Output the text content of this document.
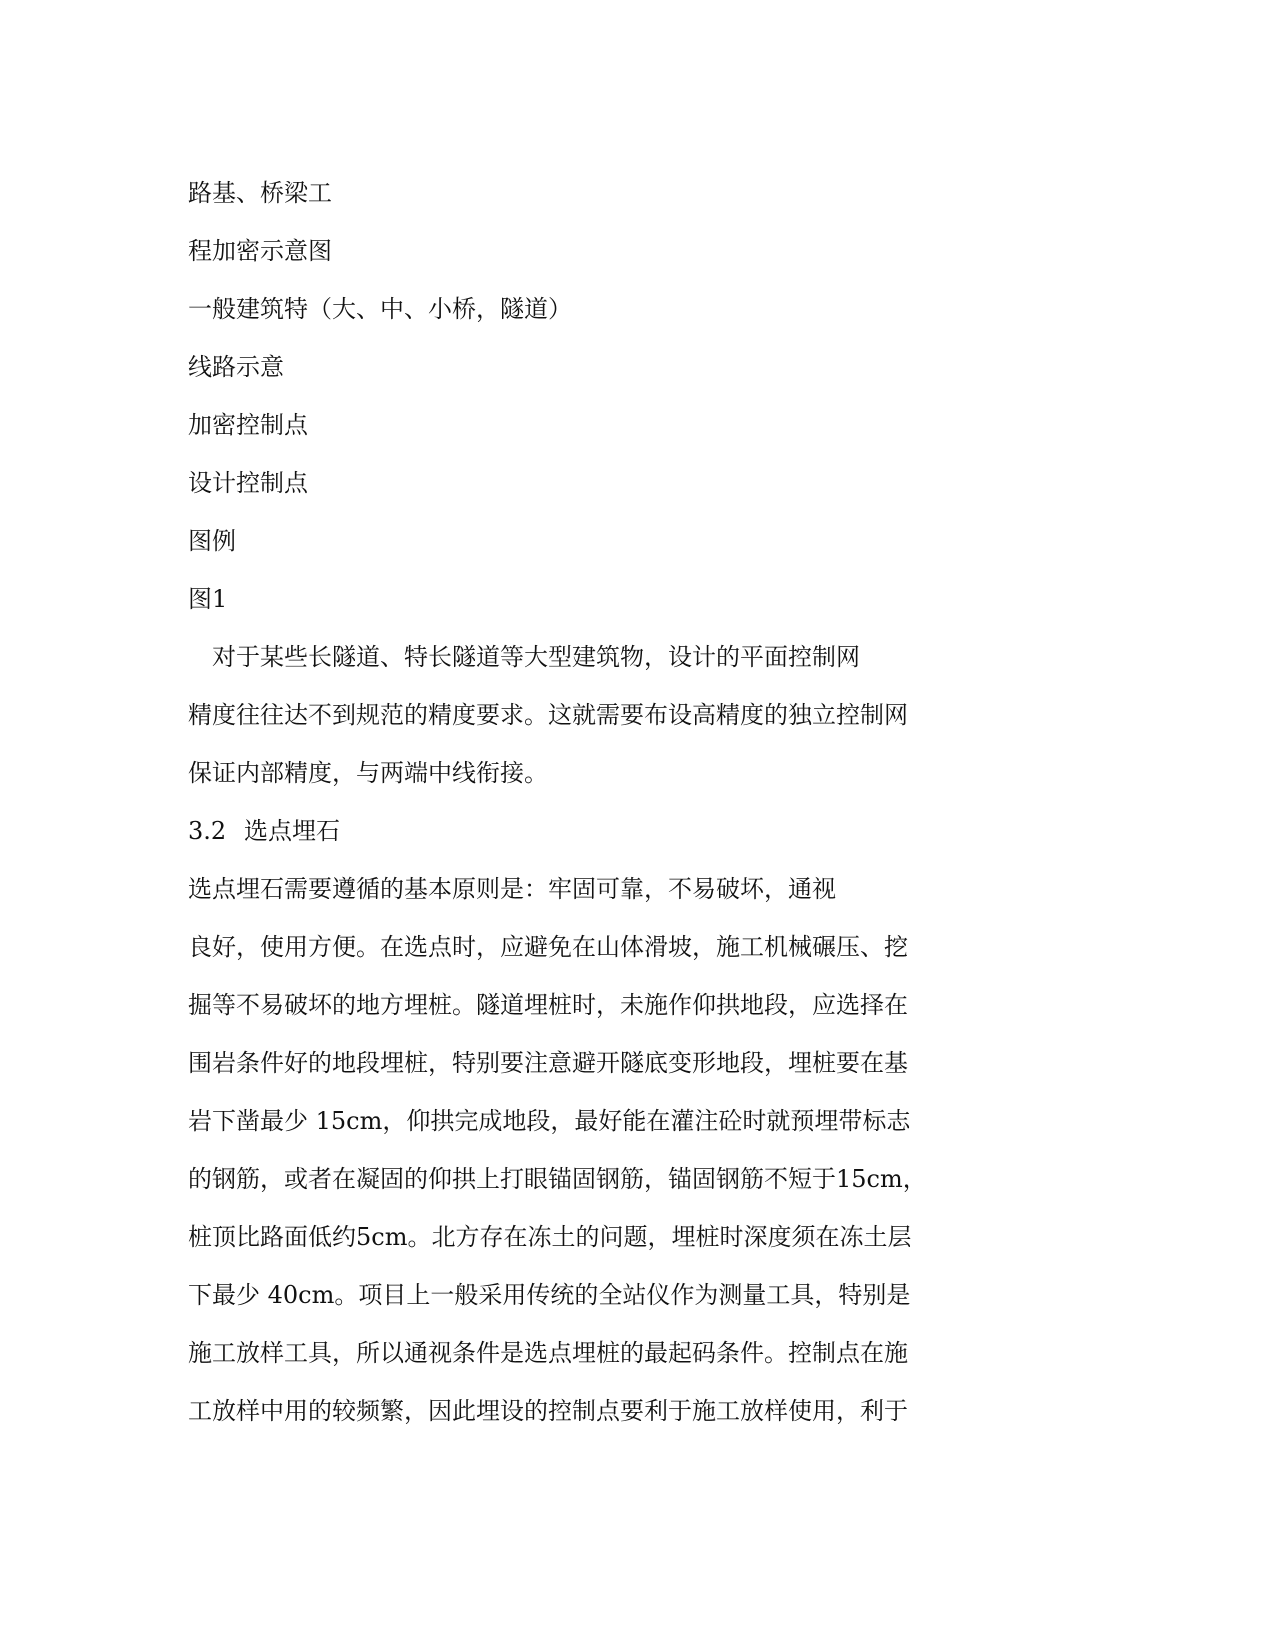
路基、桥梁工
程加密示意图
一般建筑特（大、中、小桥，隧道）
线路示意
加密控制点
设计控制点
图例
图1
对于某些长隧道、特长隧道等大型建筑物，设计的平面控制网
精度往往达不到规范的精度要求。这就需要布设高精度的独立控制网
保证内部精度，与两端中线衔接。
3.2 选点埋石
选点埋石需要遵循的基本原则是：牢固可靠，不易破坏，通视
良好，使用方便。在选点时，应避免在山体滑坡，施工机械碾压、挖
掘等不易破坏的地方埋桩。隧道埋桩时，未施作仰拱地段，应选择在
围岩条件好的地段埋桩，特别要注意避开隧底变形地段，埋桩要在基
岩下凿最少 15cm，仰拱完成地段，最好能在灌注砼时就预埋带标志
的钢筋，或者在凝固的仰拱上打眼锚固钢筋，锚固钢筋不短于15cm，
桩顶比路面低约5cm。北方存在冻土的问题，埋桩时深度须在冻土层
下最少 40cm。项目上一般采用传统的全站仪作为测量工具，特别是
施工放样工具，所以通视条件是选点埋桩的最起码条件。控制点在施
工放样中用的较频繁，因此埋设的控制点要利于施工放样使用，利于
